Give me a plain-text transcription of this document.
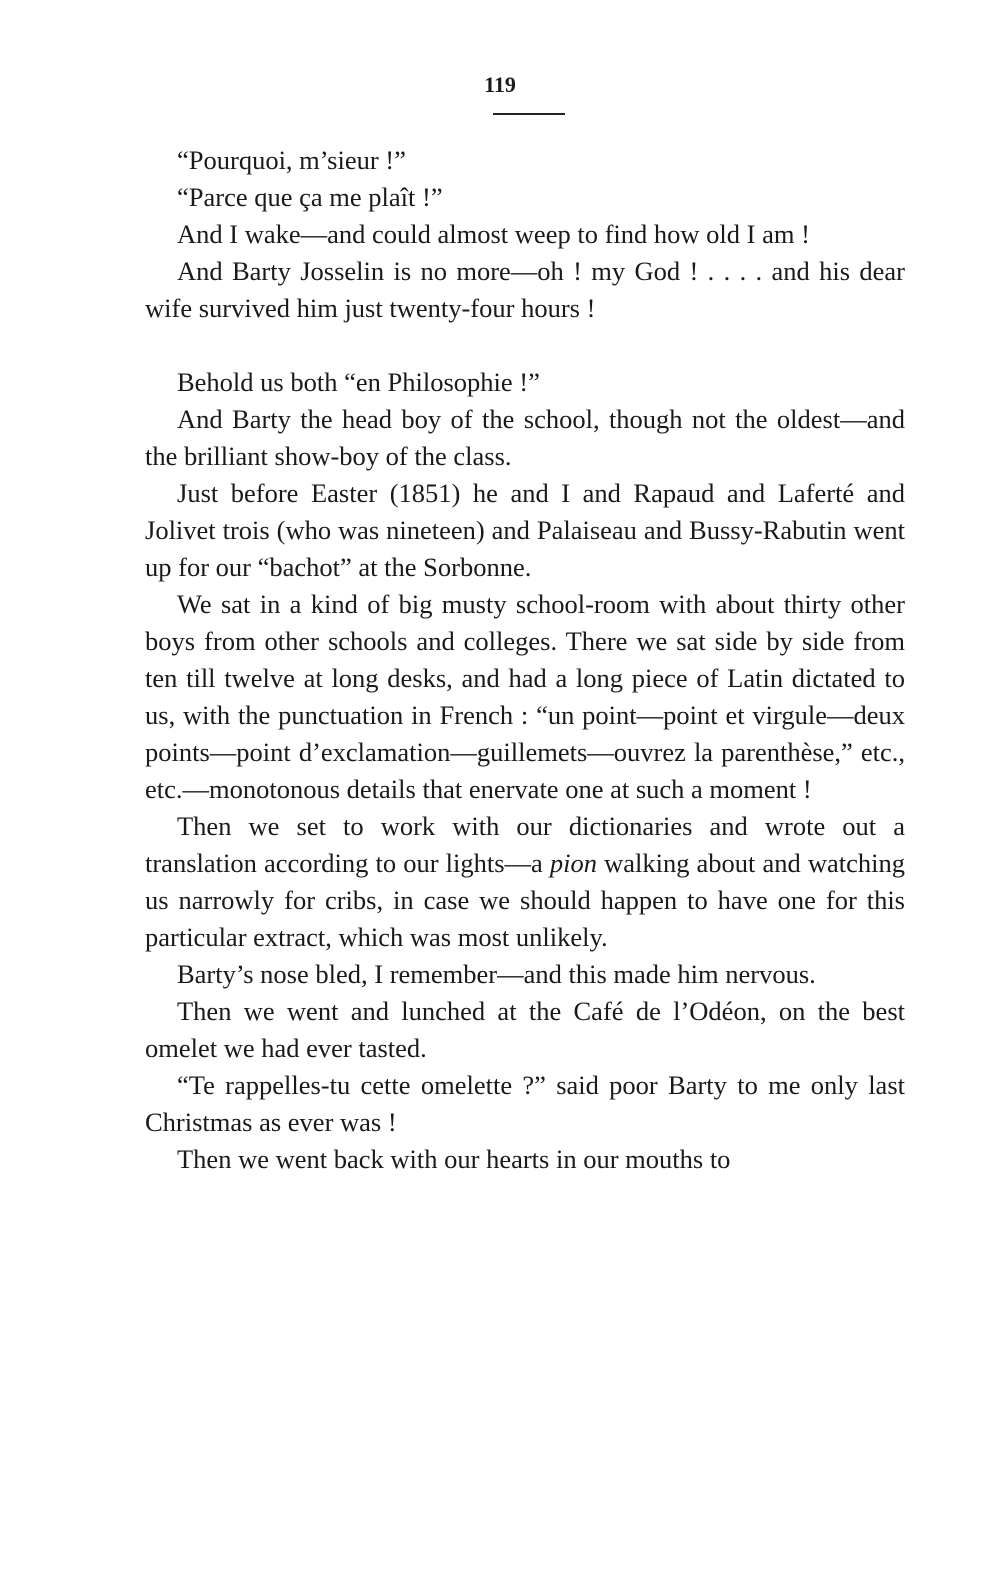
119

“Pourquoi, m’sieur !”

“Parce que ça me plaît !”

And I wake—and could almost weep to find how old I am !

And Barty Josselin is no more—oh ! my God ! . . . . and his dear wife survived him just twenty-four hours !

Behold us both “en Philosophie !”

And Barty the head boy of the school, though not the oldest—and the brilliant show-boy of the class.

Just before Easter (1851) he and I and Rapaud and Laferté and Jolivet trois (who was nineteen) and Palaiseau and Bussy-Rabutin went up for our “bachot” at the Sorbonne.

We sat in a kind of big musty school-room with about thirty other boys from other schools and colleges. There we sat side by side from ten till twelve at long desks, and had a long piece of Latin dictated to us, with the punctuation in French : “un point—point et virgule—deux points—point d’exclamation—guillemets—ouvrez la parenthèse,” etc., etc.—monotonous details that enervate one at such a moment !

Then we set to work with our dictionaries and wrote out a translation according to our lights—a pion walking about and watching us narrowly for cribs, in case we should happen to have one for this particular extract, which was most unlikely.

Barty’s nose bled, I remember—and this made him nervous.

Then we went and lunched at the Café de l’Odéon, on the best omelet we had ever tasted.

“Te rappelles-tu cette omelette ?” said poor Barty to me only last Christmas as ever was !

Then we went back with our hearts in our mouths to
